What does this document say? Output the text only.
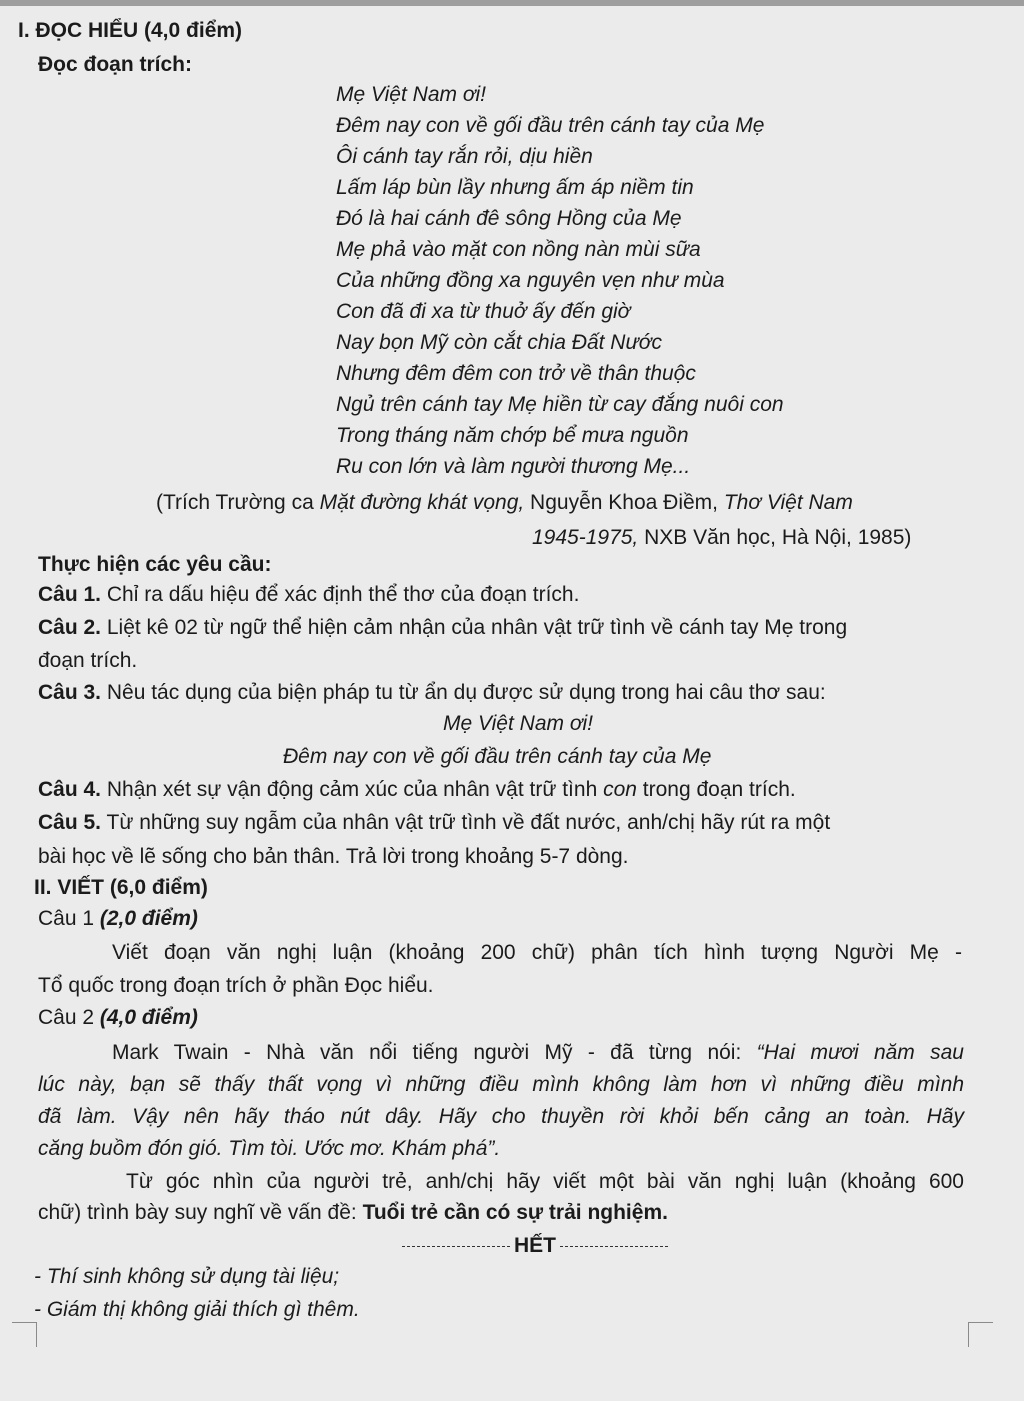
I. ĐỌC HIỂU (4,0 điểm)
Đọc đoạn trích:
Mẹ Việt Nam ơi!
Đêm nay con về gối đầu trên cánh tay của Mẹ
Ôi cánh tay rắn rỏi, dịu hiền
Lấm láp bùn lầy nhưng ấm áp niềm tin
Đó là hai cánh đê sông Hồng của Mẹ
Mẹ phả vào mặt con nồng nàn mùi sữa
Của những đồng xa nguyên vẹn như mùa
Con đã đi xa từ thuở ấy đến giờ
Nay bọn Mỹ còn cắt chia Đất Nước
Nhưng đêm đêm con trở về thân thuộc
Ngủ trên cánh tay Mẹ hiền từ cay đắng nuôi con
Trong tháng năm chớp bể mưa nguồn
Ru con lớn và làm người thương Mẹ...
(Trích Trường ca Mặt đường khát vọng, Nguyễn Khoa Điềm, Thơ Việt Nam
1945-1975, NXB Văn học, Hà Nội, 1985)
Thực hiện các yêu cầu:
Câu 1. Chỉ ra dấu hiệu để xác định thể thơ của đoạn trích.
Câu 2. Liệt kê 02 từ ngữ thể hiện cảm nhận của nhân vật trữ tình về cánh tay Mẹ trong
đoạn trích.
Câu 3. Nêu tác dụng của biện pháp tu từ ẩn dụ được sử dụng trong hai câu thơ sau:
Mẹ Việt Nam ơi!
Đêm nay con về gối đầu trên cánh tay của Mẹ
Câu 4. Nhận xét sự vận động cảm xúc của nhân vật trữ tình con trong đoạn trích.
Câu 5. Từ những suy ngẫm của nhân vật trữ tình về đất nước, anh/chị hãy rút ra một
bài học về lẽ sống cho bản thân. Trả lời trong khoảng 5-7 dòng.
II. VIẾT (6,0 điểm)
Câu 1 (2,0 điểm)
Viết đoạn văn nghị luận (khoảng 200 chữ) phân tích hình tượng Người Mẹ -
Tổ quốc trong đoạn trích ở phần Đọc hiểu.
Câu 2 (4,0 điểm)
Mark Twain - Nhà văn nổi tiếng người Mỹ - đã từng nói: “Hai mươi năm sau
lúc này, bạn sẽ thấy thất vọng vì những điều mình không làm hơn vì những điều mình
đã làm. Vậy nên hãy tháo nút dây. Hãy cho thuyền rời khỏi bến cảng an toàn. Hãy
căng buồm đón gió. Tìm tòi. Ước mơ. Khám phá”.
Từ góc nhìn của người trẻ, anh/chị hãy viết một bài văn nghị luận (khoảng 600
chữ) trình bày suy nghĩ về vấn đề: Tuổi trẻ cần có sự trải nghiệm.
HẾT
- Thí sinh không sử dụng tài liệu;
- Giám thị không giải thích gì thêm.
